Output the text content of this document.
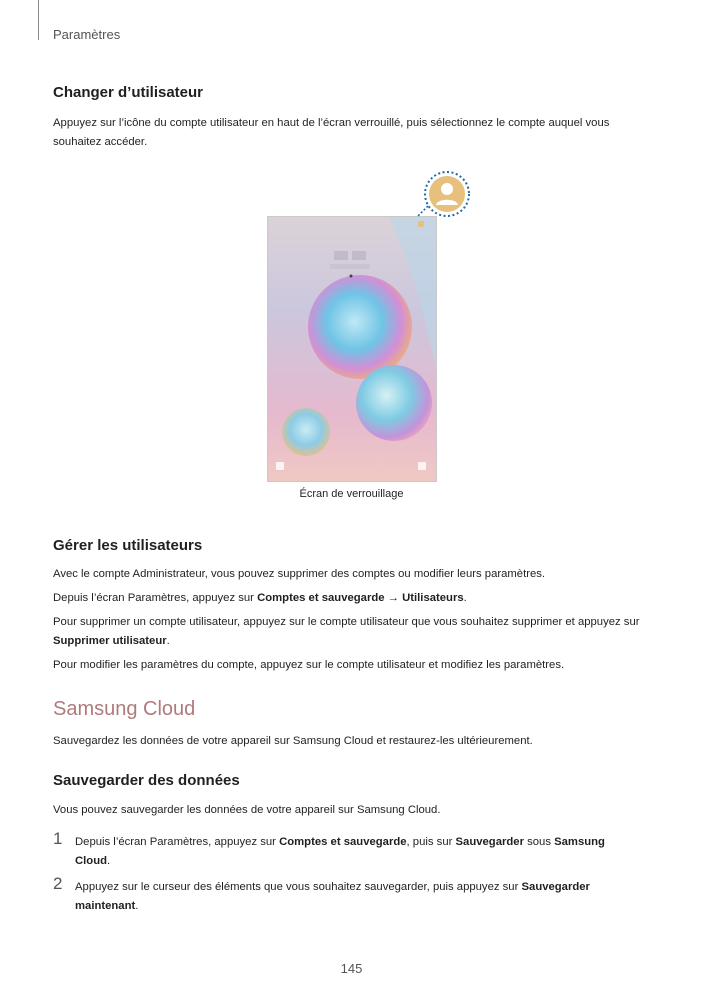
Paramètres
Changer d’utilisateur

Appuyez sur l’icône du compte utilisateur en haut de l’écran verrouillé, puis sélectionnez le compte auquel vous souhaitez accéder.

Écran de verrouillage
Gérer les utilisateurs

Avec le compte Administrateur, vous pouvez supprimer des comptes ou modifier leurs paramètres.

Depuis l’écran Paramètres, appuyez sur Comptes et sauvegarde → Utilisateurs.

Pour supprimer un compte utilisateur, appuyez sur le compte utilisateur que vous souhaitez supprimer et appuyez sur Supprimer utilisateur.

Pour modifier les paramètres du compte, appuyez sur le compte utilisateur et modifiez les paramètres.

Samsung Cloud

Sauvegardez les données de votre appareil sur Samsung Cloud et restaurez-les ultérieurement.

Sauvegarder des données

Vous pouvez sauvegarder les données de votre appareil sur Samsung Cloud.

1 Depuis l’écran Paramètres, appuyez sur Comptes et sauvegarde, puis sur Sauvegarder sous Samsung Cloud.

2 Appuyez sur le curseur des éléments que vous souhaitez sauvegarder, puis appuyez sur Sauvegarder maintenant.

145
